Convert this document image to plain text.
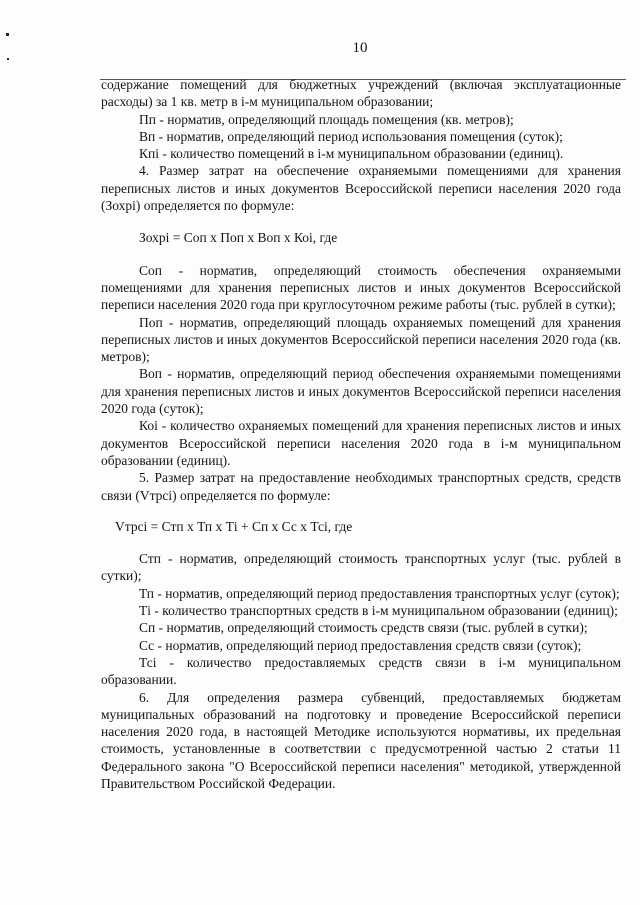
10

содержание помещений для бюджетных учреждений (включая эксплуатационные расходы) за 1 кв. метр в i-м муниципальном образовании;

Пп - норматив, определяющий площадь помещения (кв. метров);

Вп - норматив, определяющий период использования помещения (суток);

Кпi - количество помещений в i-м муниципальном образовании (единиц).

4. Размер затрат на обеспечение охраняемыми помещениями для хранения переписных листов и иных документов Всероссийской переписи населения 2020 года (Зохрi) определяется по формуле:

Зохрi = Соп х Поп х Воп х Коi, где

Соп - норматив, определяющий стоимость обеспечения охраняемыми помещениями для хранения переписных листов и иных документов Всероссийской переписи населения 2020 года при круглосуточном режиме работы (тыс. рублей в сутки);

Поп - норматив, определяющий площадь охраняемых помещений для хранения переписных листов и иных документов Всероссийской переписи населения 2020 года (кв. метров);

Воп - норматив, определяющий период обеспечения охраняемыми помещениями для хранения переписных листов и иных документов Всероссийской переписи населения 2020 года (суток);

Коi - количество охраняемых помещений для хранения переписных листов и иных документов Всероссийской переписи населения 2020 года в i-м муниципальном образовании (единиц).

5. Размер затрат на предоставление необходимых транспортных средств, средств связи (Vтрсi) определяется по формуле:

Vтрсi = Стп х Тп х Тi + Сп х Сс х Тсi, где

Стп - норматив, определяющий стоимость транспортных услуг (тыс. рублей в сутки);

Тп - норматив, определяющий период предоставления транспортных услуг (суток);

Тi - количество транспортных средств в i-м муниципальном образовании (единиц);

Сп - норматив, определяющий стоимость средств связи (тыс. рублей в сутки);

Сс - норматив, определяющий период предоставления средств связи (суток);

Тсi - количество предоставляемых средств связи в i-м муниципальном образовании.

6. Для определения размера субвенций, предоставляемых бюджетам муниципальных образований на подготовку и проведение Всероссийской переписи населения 2020 года, в настоящей Методике используются нормативы, их предельная стоимость, установленные в соответствии с предусмотренной частью 2 статьи 11 Федерального закона "О Всероссийской переписи населения" методикой, утвержденной Правительством Российской Федерации.
